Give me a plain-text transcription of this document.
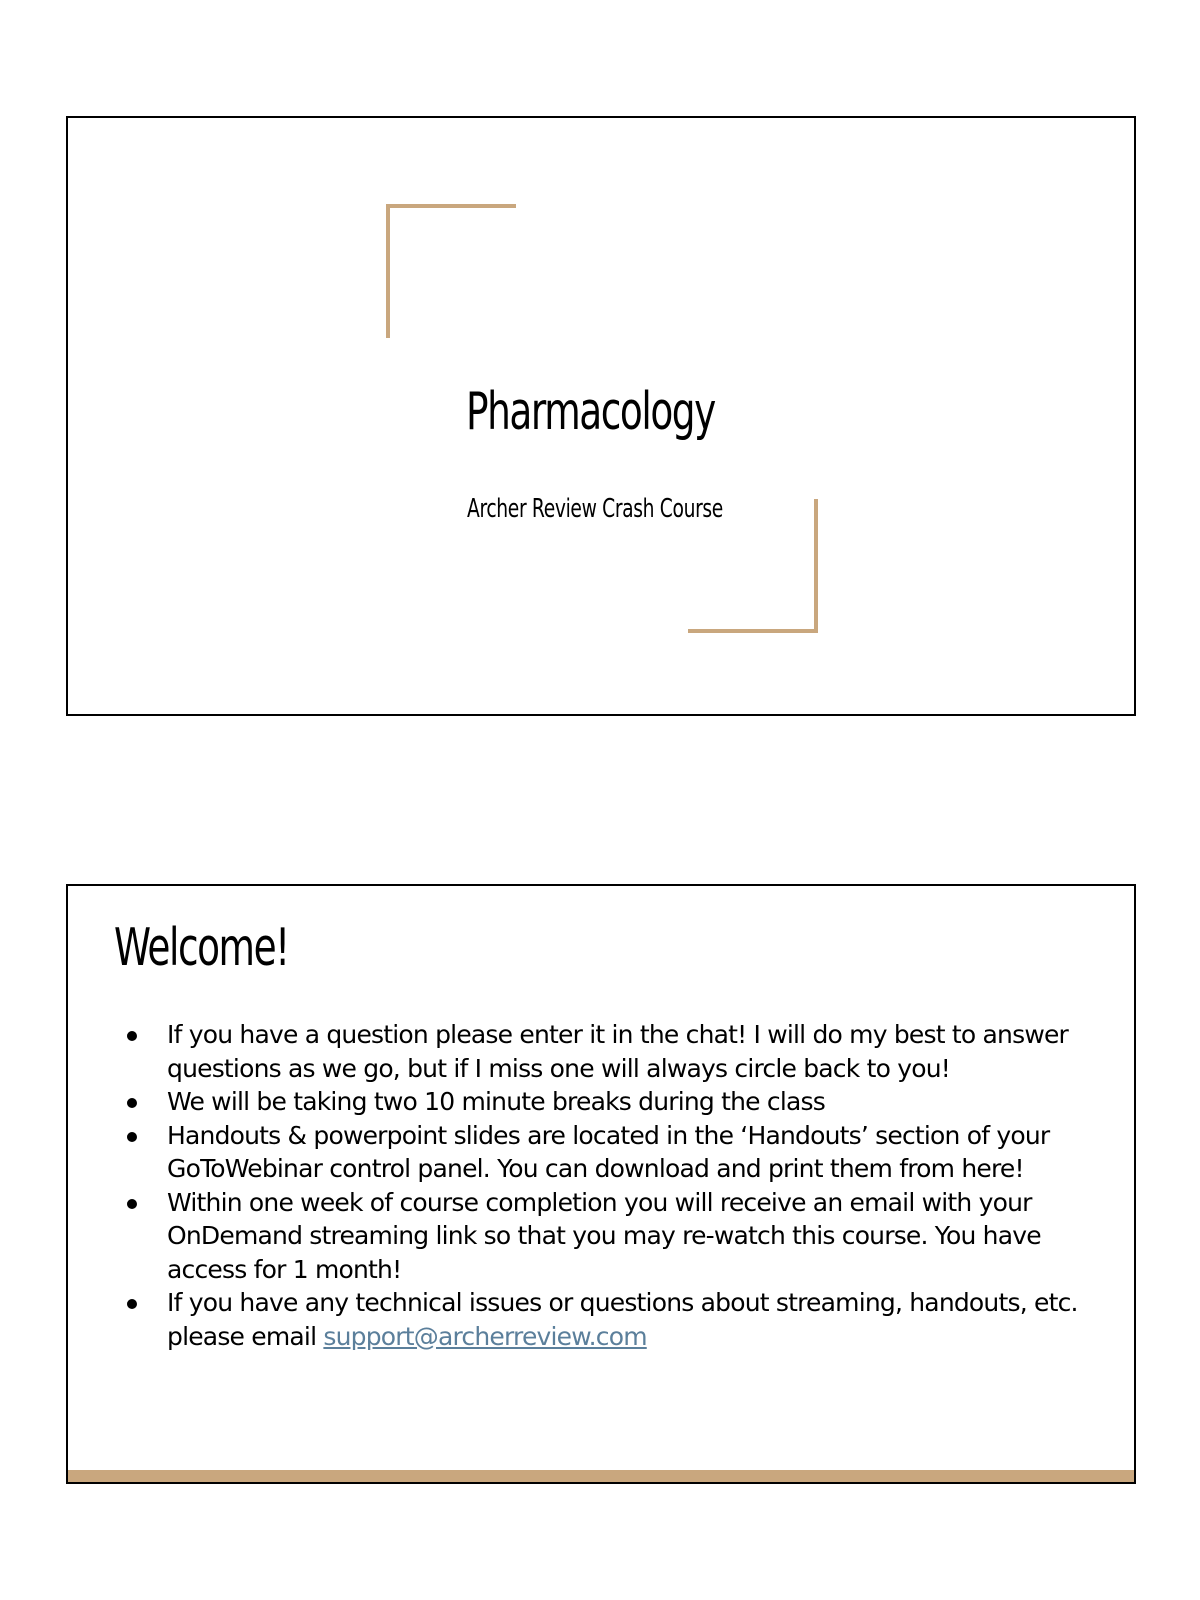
Pharmacology
Archer Review Crash Course
Welcome!
If you have a question please enter it in the chat! I will do my best to answer questions as we go, but if I miss one will always circle back to you!
We will be taking two 10 minute breaks during the class
Handouts & powerpoint slides are located in the ‘Handouts’ section of your GoToWebinar control panel. You can download and print them from here!
Within one week of course completion you will receive an email with your OnDemand streaming link so that you may re-watch this course. You have access for 1 month!
If you have any technical issues or questions about streaming, handouts, etc. please email support@archerreview.com
